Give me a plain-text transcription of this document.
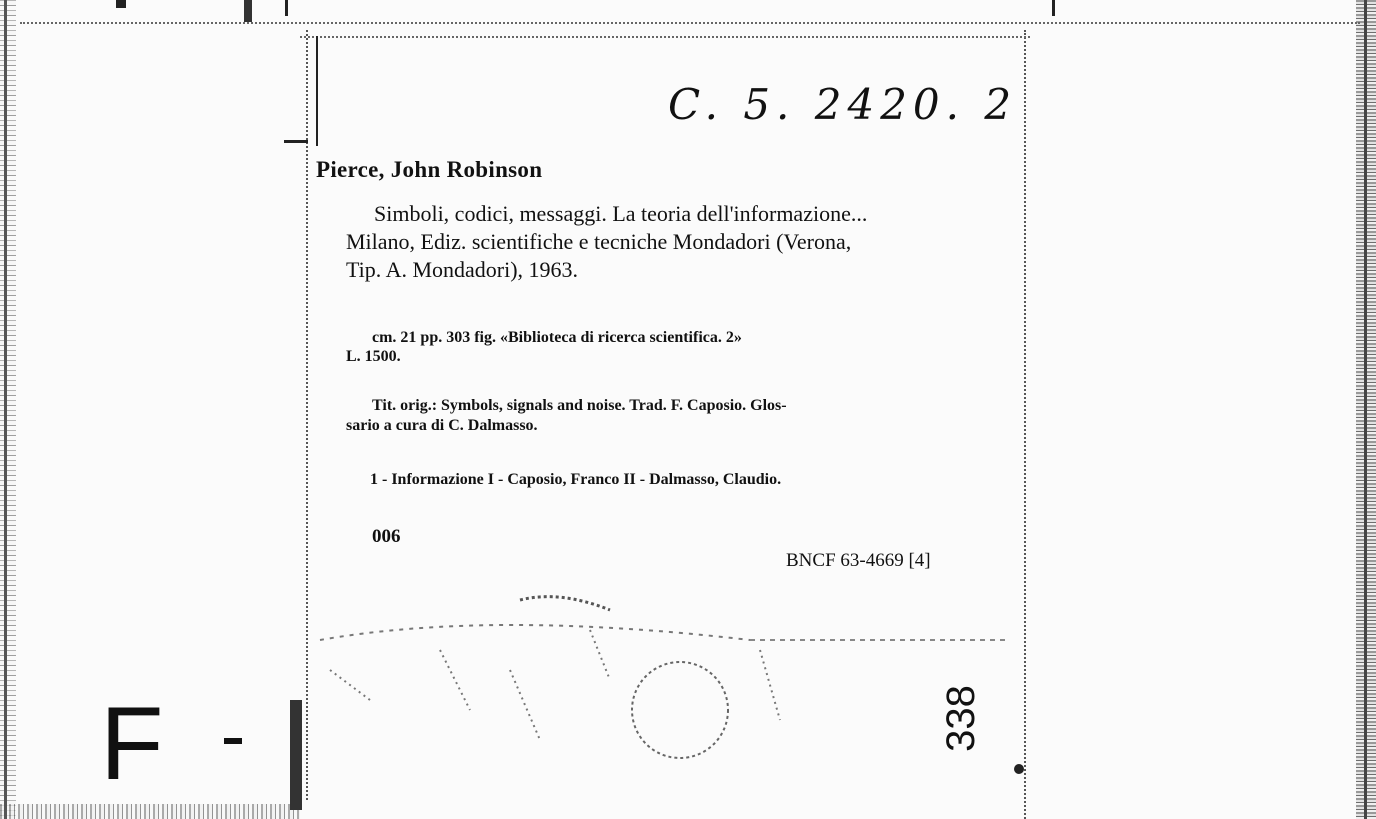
C. 5. 2420. 2
Pierce, John Robinson
Simboli, codici, messaggi. La teoria dell'informazione...
Milano, Ediz. scientifiche e tecniche Mondadori (Verona,
Tip. A. Mondadori), 1963.
cm. 21 pp. 303 fig. «Biblioteca di ricerca scientifica. 2»
L. 1500.
Tit. orig.: Symbols, signals and noise. Trad. F. Caposio. Glos-
sario a cura di C. Dalmasso.
1 - Informazione I - Caposio, Franco II - Dalmasso, Claudio.
006
BNCF 63-4669 [4]
338
F
